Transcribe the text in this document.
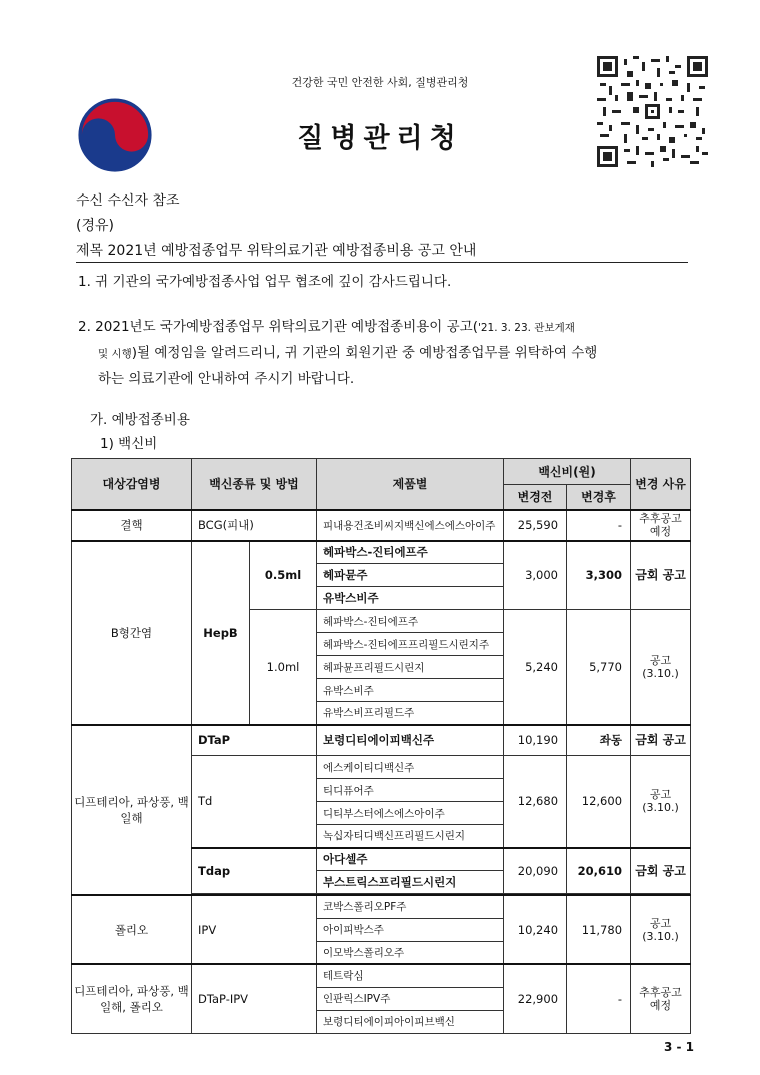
건강한 국민 안전한 사회, 질병관리청
질병관리청
수신 수신자 참조
(경유)
제목 2021년 예방접종업무 위탁의료기관 예방접종비용 공고 안내
1. 귀 기관의 국가예방접종사업 업무 협조에 깊이 감사드립니다.
2. 2021년도 국가예방접종업무 위탁의료기관 예방접종비용이 공고('21. 3. 23. 관보게재

및 시행)될 예정임을 알려드리니, 귀 기관의 회원기관 중 예방접종업무를 위탁하여 수행
하는 의료기관에 안내하여 주시기 바랍니다.
가. 예방접종비용
1) 백신비
대상감염병	백신종류 및 방법		제품별	백신비(원)		변경 사유
				변경전	변경후	
결핵	BCG(피내)		피내용건조비씨지백신에스에스아이주	25,590	-	추후공고 예정
B형간염	HepB	0.5ml	헤파박스-진티에프주	3,000	3,300	금회 공고
			헤파뮨주			
			유박스비주			
		1.0ml	헤파박스-진티에프주	5,240	5,770	공고 (3.10.)
			헤파박스-진티에프프리필드시린지주			
			헤파뮨프리필드시린지			
			유박스비주			
			유박스비프리필드주			
디프테리아, 파상풍, 백일해	DTaP		보령디티에이피백신주	10,190	좌동	금회 공고
	Td		에스케이티디백신주	12,680	12,600	공고 (3.10.)
			티디퓨어주			
			디티부스터에스에스아이주			
			녹십자티디백신프리필드시린지			
	Tdap		아다셀주	20,090	20,610	금회 공고
			부스트릭스프리필드시린지			

폴리오	IPV		코박스폴리오PF주	10,240	11,780	공고 (3.10.)
			아이피박스주			
			이모박스폴리오주			
디프테리아, 파상풍, 백일해, 폴리오	DTaP-IPV		테트락심	22,900	-	추후공고 예정
			인판릭스IPV주			
			보령디티에이피아이피브백신			
3 - 1
